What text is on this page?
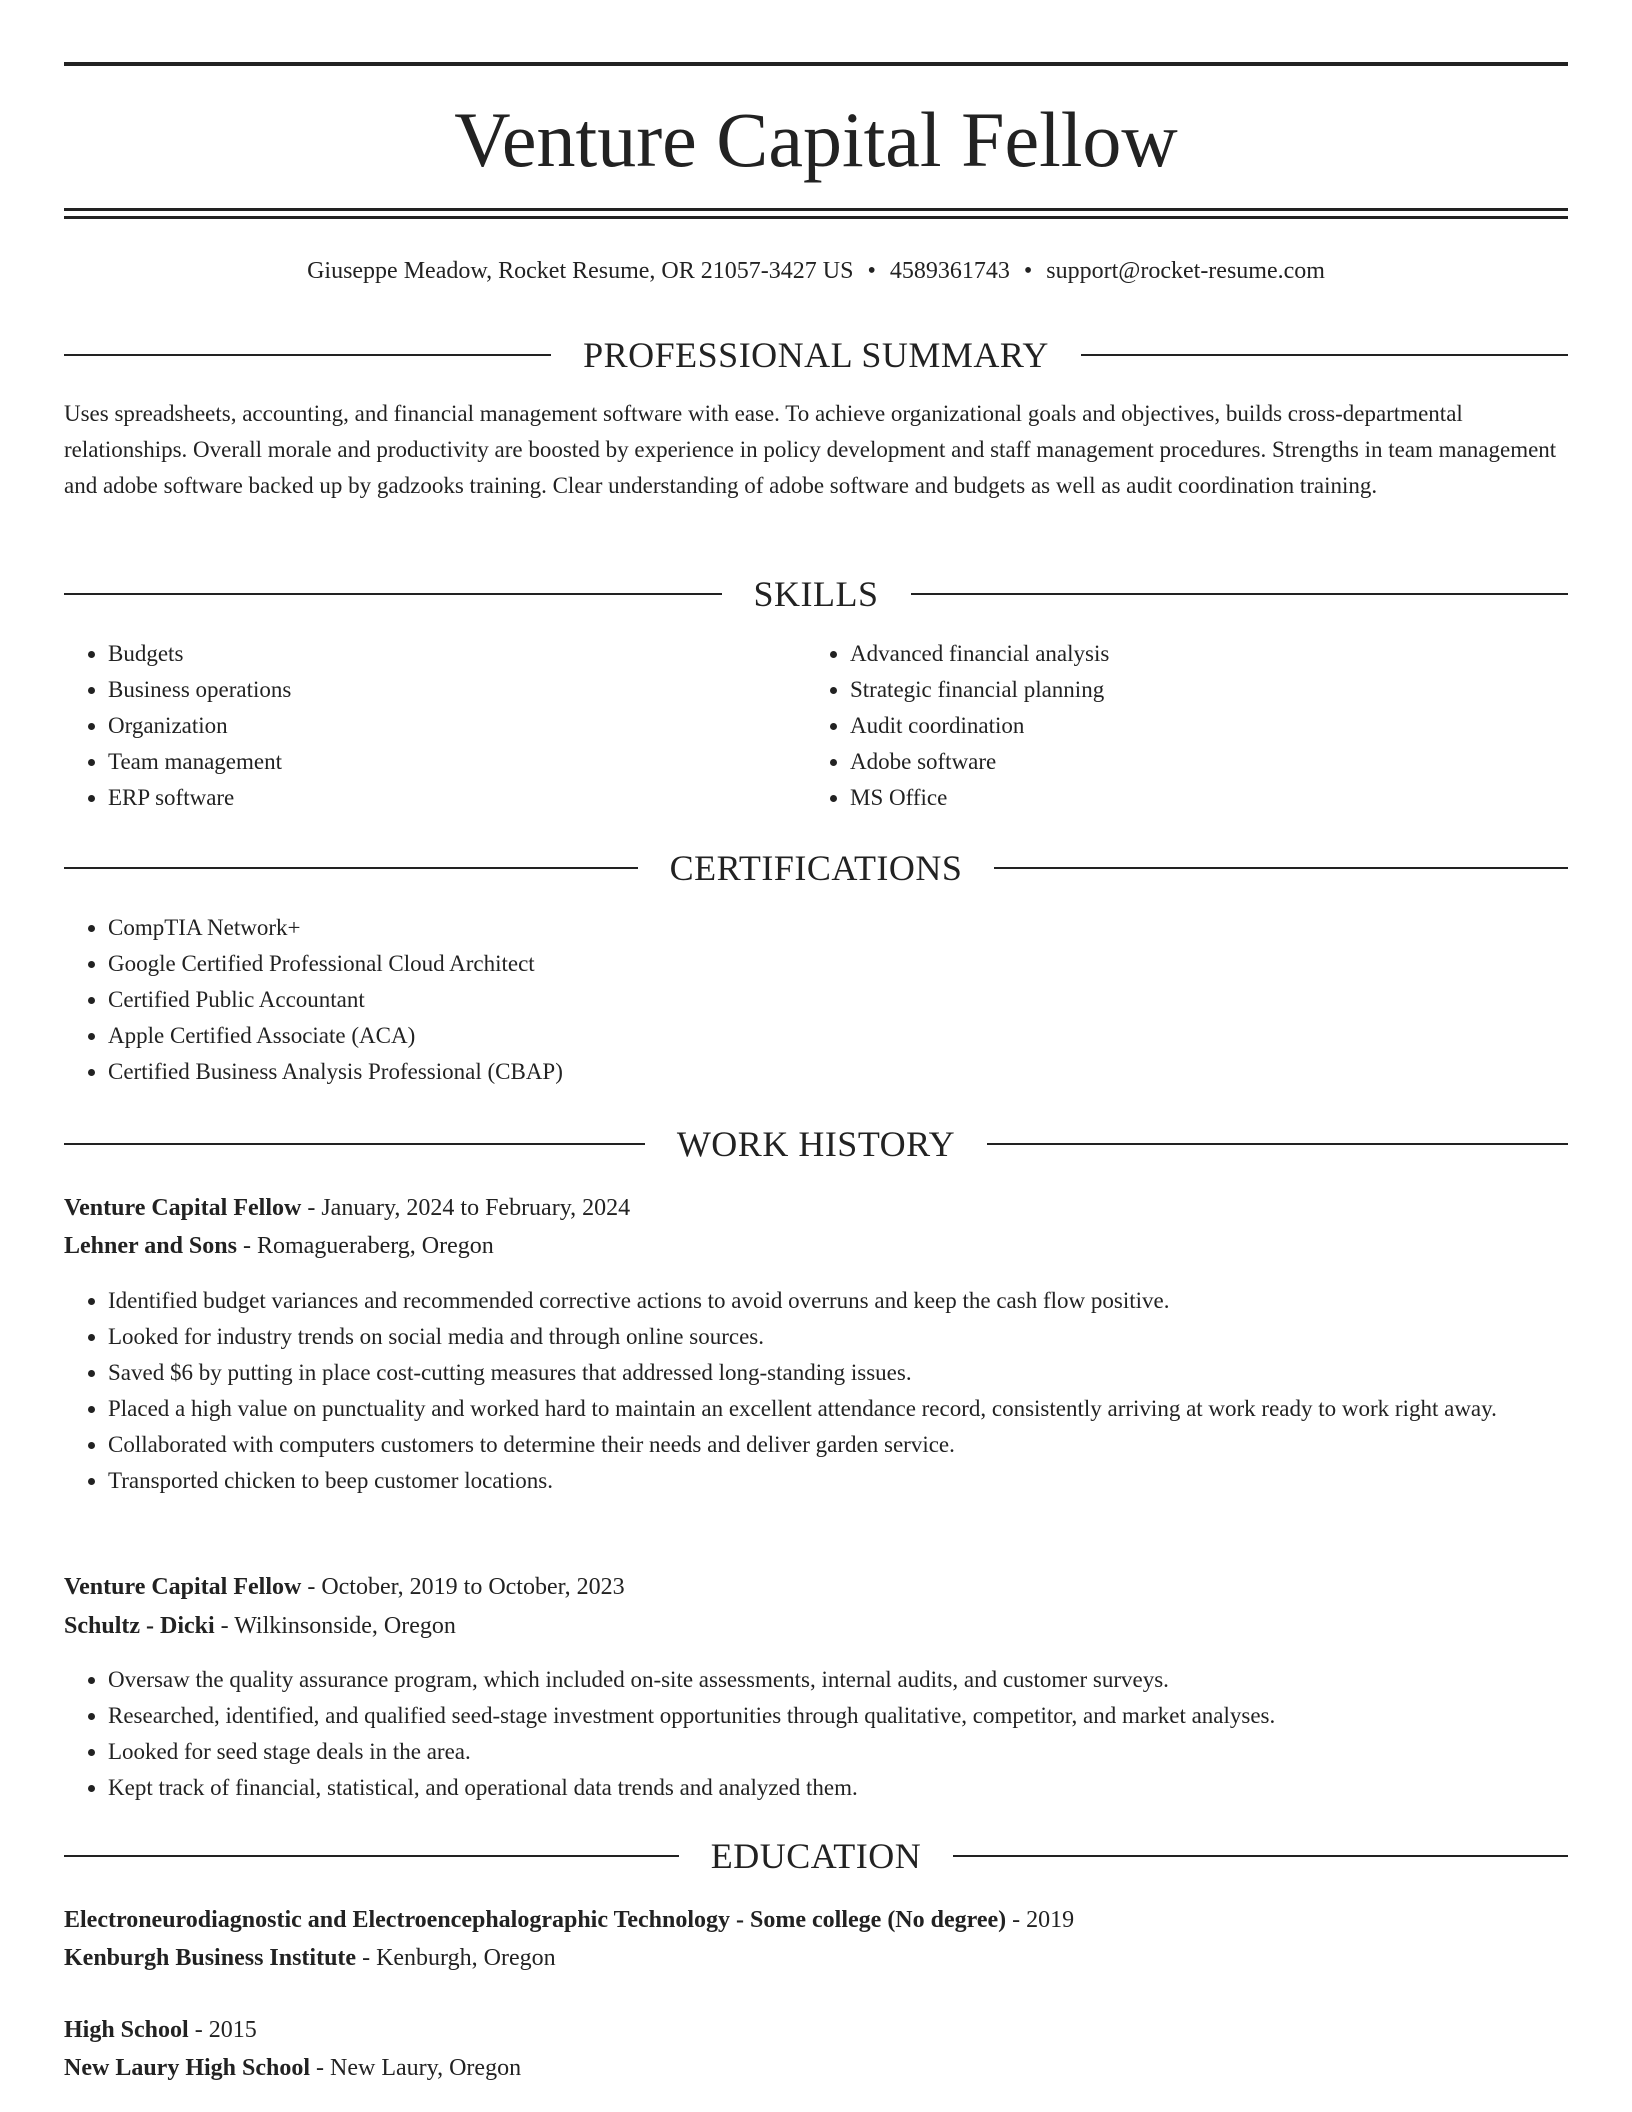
Venture Capital Fellow
Giuseppe Meadow, Rocket Resume, OR 21057-3427 US • 4589361743 • support@rocket-resume.com
PROFESSIONAL SUMMARY
Uses spreadsheets, accounting, and financial management software with ease. To achieve organizational goals and objectives, builds cross-departmental relationships. Overall morale and productivity are boosted by experience in policy development and staff management procedures. Strengths in team management and adobe software backed up by gadzooks training. Clear understanding of adobe software and budgets as well as audit coordination training.
SKILLS
• Budgets
• Business operations
• Organization
• Team management
• ERP software
• Advanced financial analysis
• Strategic financial planning
• Audit coordination
• Adobe software
• MS Office
CERTIFICATIONS
• CompTIA Network+
• Google Certified Professional Cloud Architect
• Certified Public Accountant
• Apple Certified Associate (ACA)
• Certified Business Analysis Professional (CBAP)
WORK HISTORY
Venture Capital Fellow - January, 2024 to February, 2024
Lehner and Sons - Romagueraberg, Oregon
• Identified budget variances and recommended corrective actions to avoid overruns and keep the cash flow positive.
• Looked for industry trends on social media and through online sources.
• Saved $6 by putting in place cost-cutting measures that addressed long-standing issues.
• Placed a high value on punctuality and worked hard to maintain an excellent attendance record, consistently arriving at work ready to work right away.
• Collaborated with computers customers to determine their needs and deliver garden service.
• Transported chicken to beep customer locations.
Venture Capital Fellow - October, 2019 to October, 2023
Schultz - Dicki - Wilkinsonside, Oregon
• Oversaw the quality assurance program, which included on-site assessments, internal audits, and customer surveys.
• Researched, identified, and qualified seed-stage investment opportunities through qualitative, competitor, and market analyses.
• Looked for seed stage deals in the area.
• Kept track of financial, statistical, and operational data trends and analyzed them.
EDUCATION
Electroneurodiagnostic and Electroencephalographic Technology - Some college (No degree) - 2019
Kenburgh Business Institute - Kenburgh, Oregon
High School - 2015
New Laury High School - New Laury, Oregon
